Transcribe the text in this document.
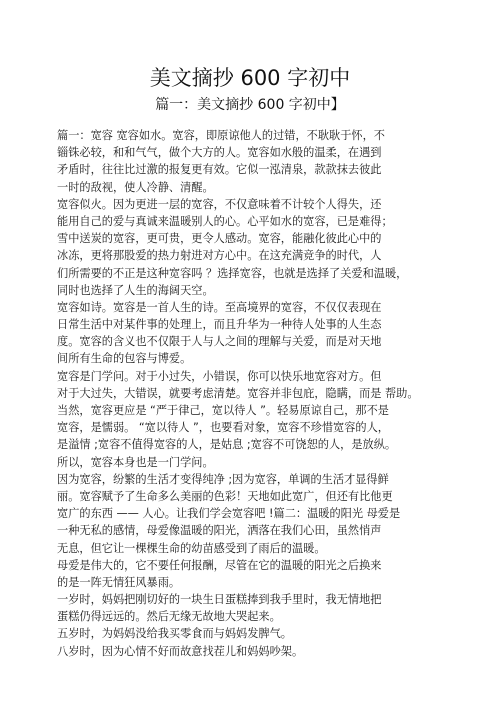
美文摘抄 600 字初中
篇一：美文摘抄 600 字初中】
篇一：宽容 宽容如水。宽容，即原谅他人的过错，不耿耿于怀，不
锱铢必较，和和气气，做个大方的人。宽容如水般的温柔，在遇到
矛盾时，往往比过激的报复更有效。它似一泓清泉，款款抹去彼此
一时的敌视，使人冷静、清醒。
宽容似火。因为更进一层的宽容，不仅意味着不计较个人得失，还
能用自己的爱与真诚来温暖别人的心。心平如水的宽容，已是难得；
雪中送炭的宽容，更可贵，更令人感动。宽容，能融化彼此心中的
冰冻，更将那股爱的热力射进对方心中。在这充满竞争的时代，人
们所需要的不正是这种宽容吗 ？选择宽容，也就是选择了关爱和温暖，
同时也选择了人生的海阔天空。
宽容如诗。宽容是一首人生的诗。至高境界的宽容，不仅仅表现在
日常生活中对某件事的处理上，而且升华为一种待人处事的人生态
度。宽容的含义也不仅限于人与人之间的理解与关爱，而是对天地
间所有生命的包容与博爱。
宽容是门学问。对于小过失，小错误，你可以快乐地宽容对方。但
对于大过失，大错误，就要考虑清楚。宽容并非包庇，隐瞒，而是 帮助。
当然，宽容更应是 “严于律己，宽以待人 ”。轻易原谅自己，那不是
宽容，是懦弱。 “宽以待人 ”，也要看对象，宽容不珍惜宽容的人，
是溢情 ;宽容不值得宽容的人，是姑息 ;宽容不可饶恕的人，是放纵。
所以，宽容本身也是一门学问。
因为宽容，纷繁的生活才变得纯净 ;因为宽容，单调的生活才显得鲜
丽。宽容赋予了生命多么美丽的色彩！天地如此宽广，但还有比他更
宽广的东西 —— 人心。让我们学会宽容吧 !篇二：温暖的阳光 母爱是
一种无私的感情，母爱像温暖的阳光，洒落在我们心田，虽然悄声
无息，但它让一棵棵生命的幼苗感受到了雨后的温暖。
母爱是伟大的，它不要任何报酬，尽管在它的温暖的阳光之后换来
的是一阵无情狂风暴雨。
一岁时，妈妈把刚切好的一块生日蛋糕捧到我手里时，我无情地把
蛋糕仍得远远的。然后无缘无故地大哭起来。
五岁时，为妈妈没给我买零食而与妈妈发脾气。
八岁时，因为心情不好而故意找茬儿和妈妈吵架。
